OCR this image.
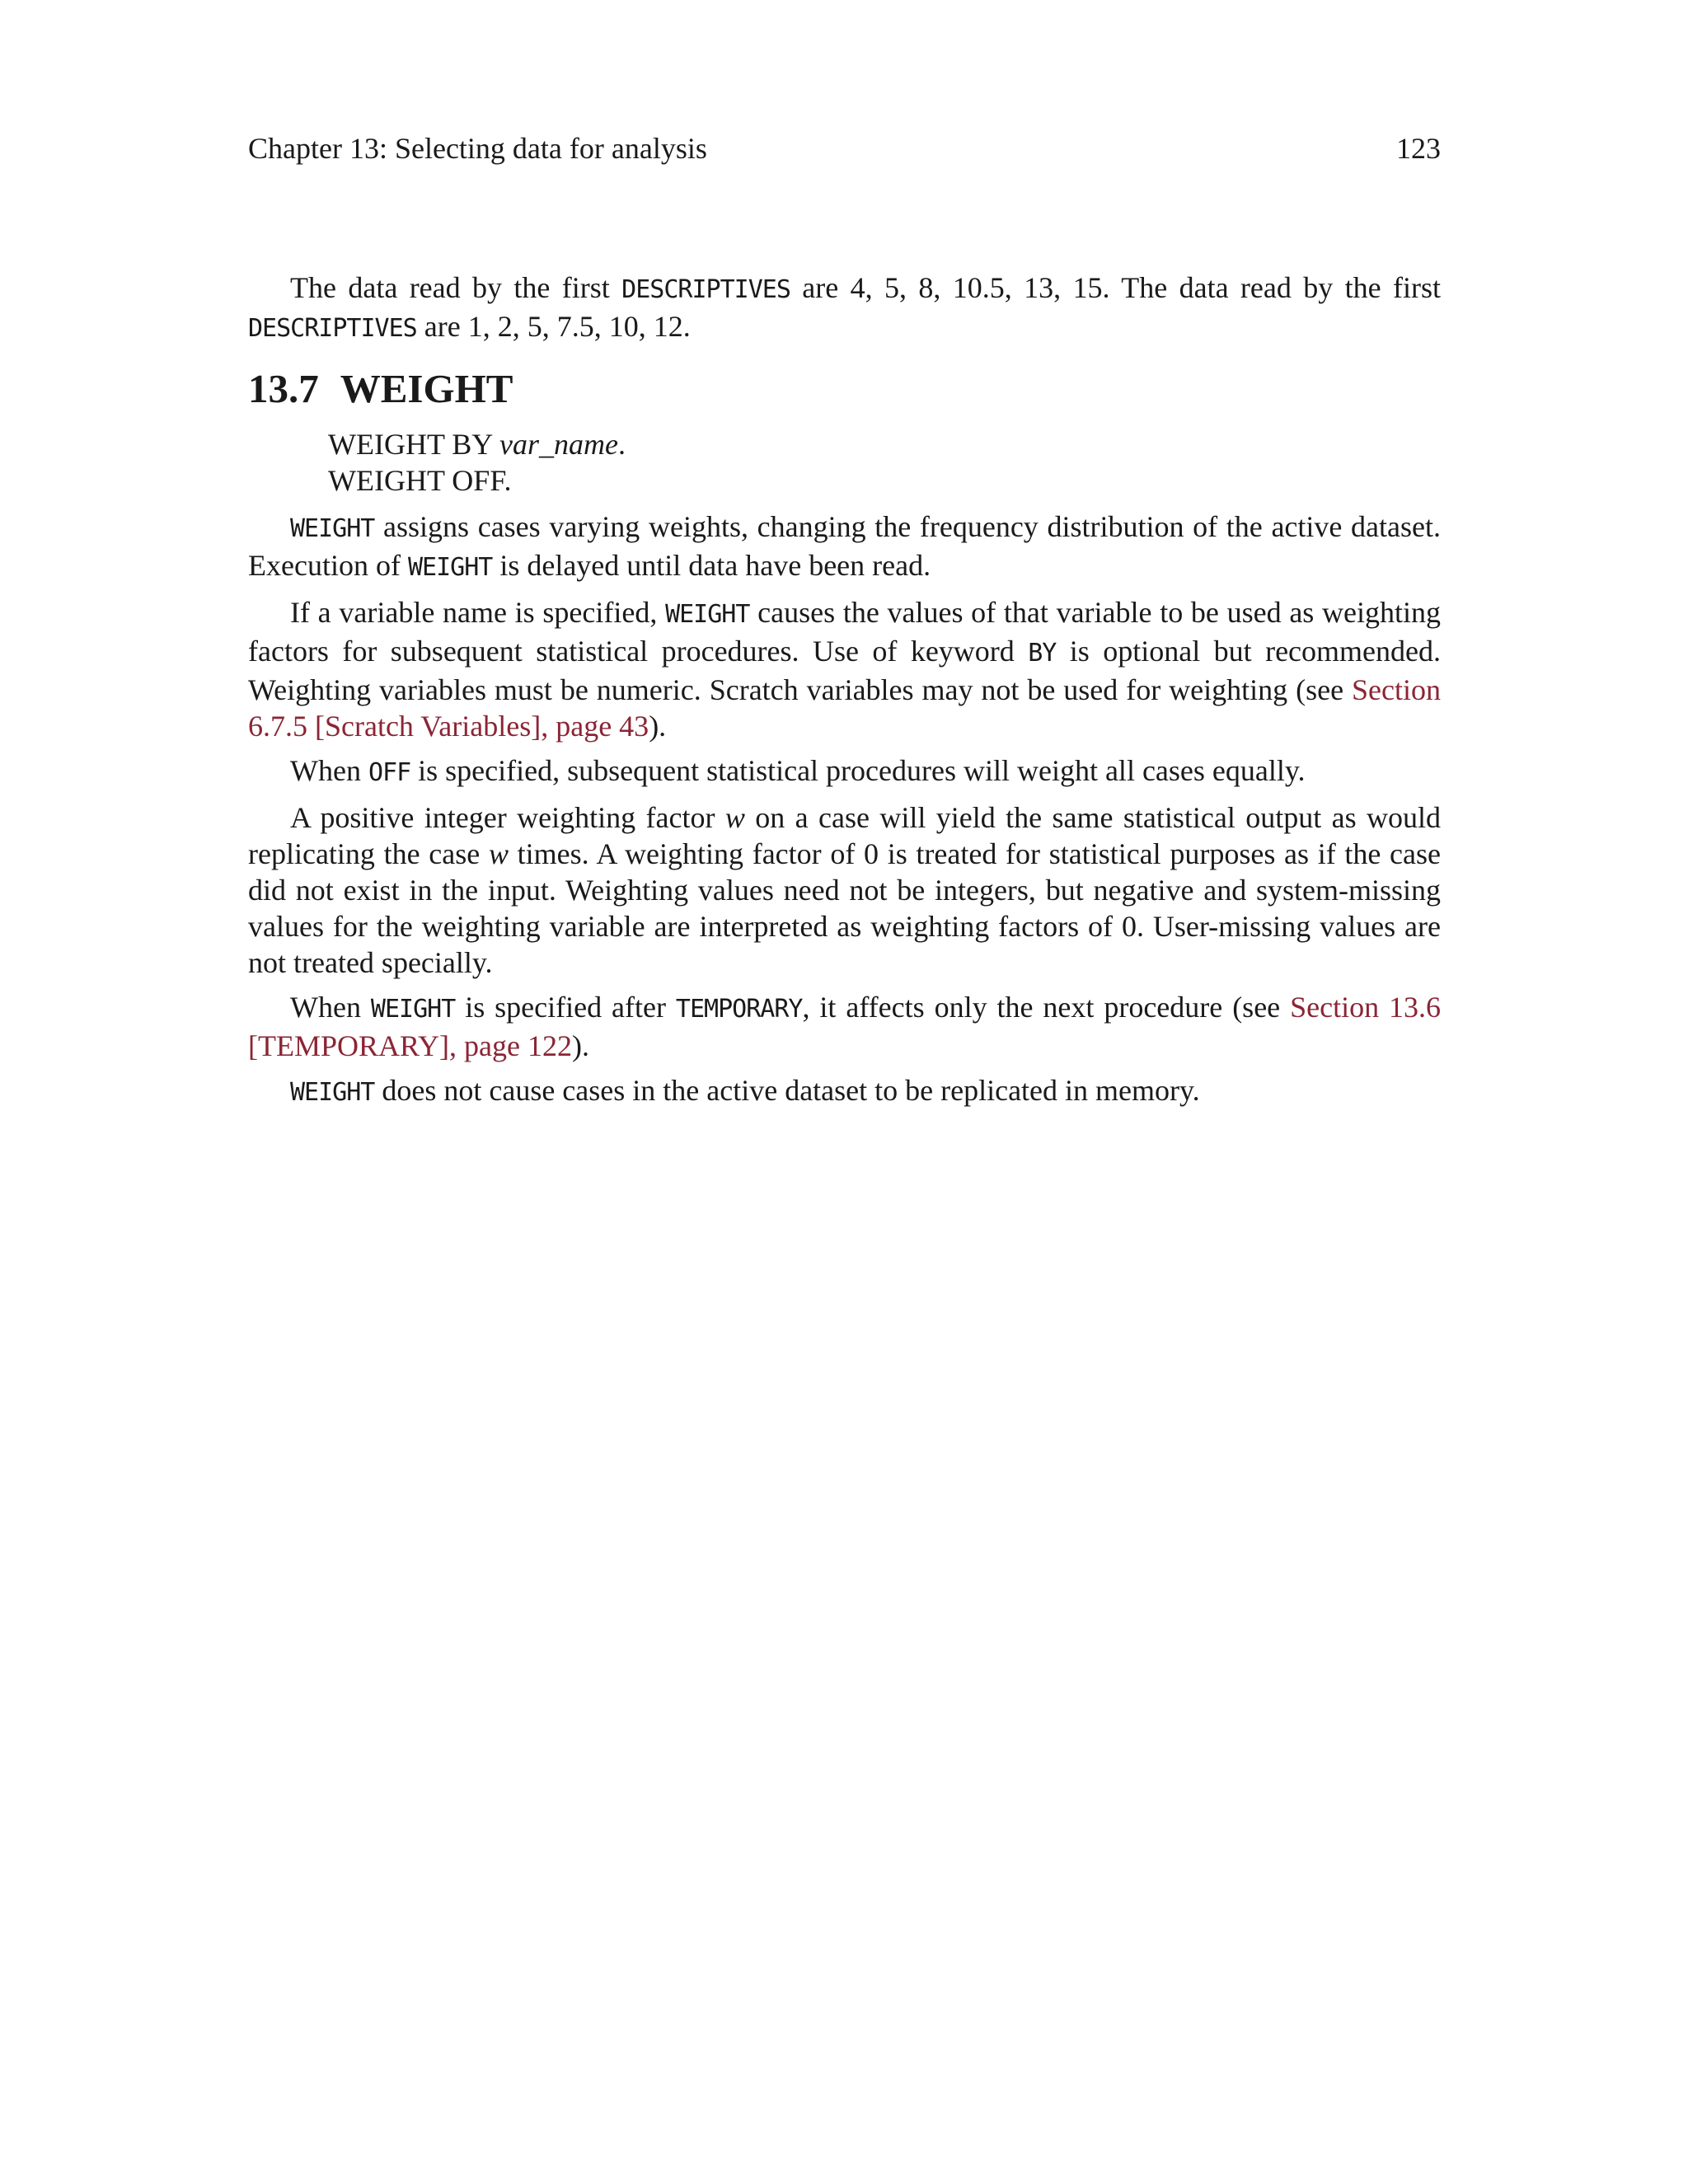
Chapter 13: Selecting data for analysis	123

The data read by the first DESCRIPTIVES are 4, 5, 8, 10.5, 13, 15. The data read by the first DESCRIPTIVES are 1, 2, 5, 7.5, 10, 12.

13.7 WEIGHT
WEIGHT BY var_name.
WEIGHT OFF.

WEIGHT assigns cases varying weights, changing the frequency distribution of the active dataset. Execution of WEIGHT is delayed until data have been read.

If a variable name is specified, WEIGHT causes the values of that variable to be used as weighting factors for subsequent statistical procedures. Use of keyword BY is optional but recommended. Weighting variables must be numeric. Scratch variables may not be used for weighting (see Section 6.7.5 [Scratch Variables], page 43).

When OFF is specified, subsequent statistical procedures will weight all cases equally.

A positive integer weighting factor w on a case will yield the same statistical output as would replicating the case w times. A weighting factor of 0 is treated for statistical purposes as if the case did not exist in the input. Weighting values need not be integers, but negative and system-missing values for the weighting variable are interpreted as weighting factors of 0. User-missing values are not treated specially.

When WEIGHT is specified after TEMPORARY, it affects only the next procedure (see Section 13.6 [TEMPORARY], page 122).

WEIGHT does not cause cases in the active dataset to be replicated in memory.
